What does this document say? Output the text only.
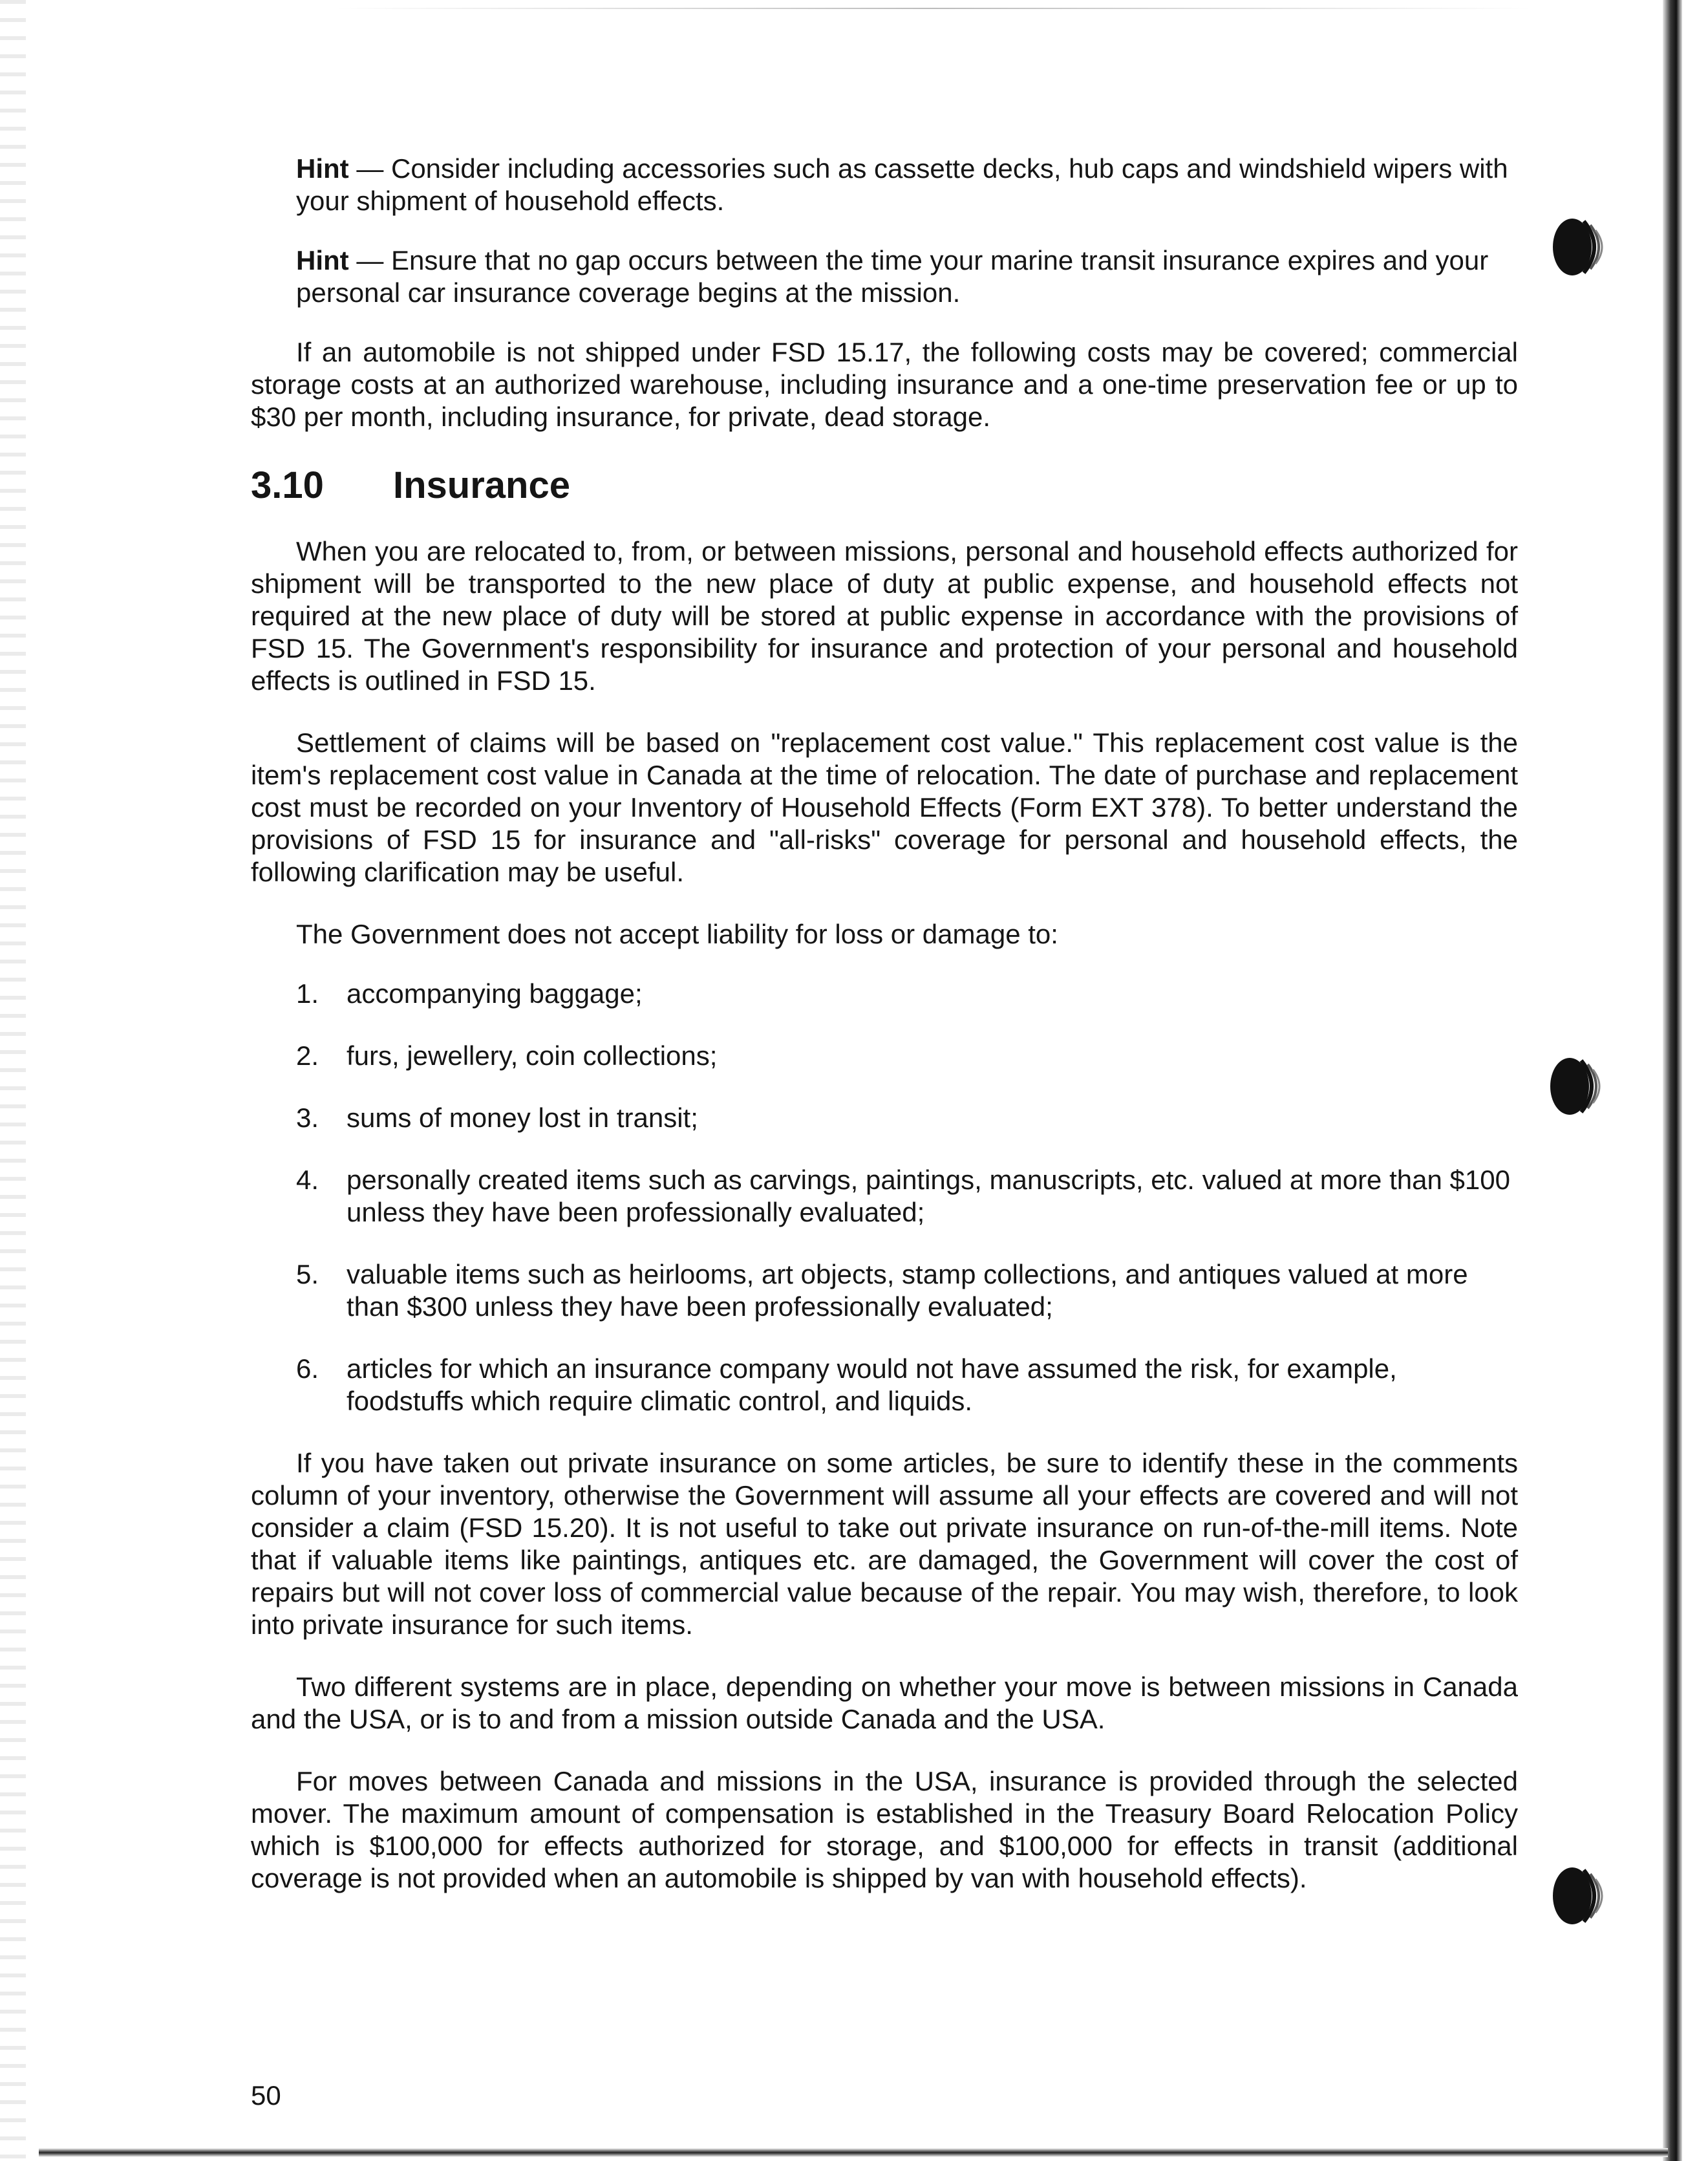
Hint — Consider including accessories such as cassette decks, hub caps and windshield wipers with your shipment of household effects.
Hint — Ensure that no gap occurs between the time your marine transit insurance expires and your personal car insurance coverage begins at the mission.

If an automobile is not shipped under FSD 15.17, the following costs may be covered; commercial storage costs at an authorized warehouse, including insurance and a one-time preservation fee or up to $30 per month, including insurance, for private, dead storage.

3.10	Insurance

When you are relocated to, from, or between missions, personal and household effects authorized for shipment will be transported to the new place of duty at public expense, and household effects not required at the new place of duty will be stored at public expense in accordance with the provisions of FSD 15. The Government's responsibility for insurance and protection of your personal and household effects is outlined in FSD 15.

Settlement of claims will be based on "replacement cost value." This replacement cost value is the item's replacement cost value in Canada at the time of relocation. The date of purchase and replacement cost must be recorded on your Inventory of Household Effects (Form EXT 378). To better understand the provisions of FSD 15 for insurance and "all-risks" coverage for personal and household effects, the following clarification may be useful.

The Government does not accept liability for loss or damage to:
1.	accompanying baggage;
2.	furs, jewellery, coin collections;
3.	sums of money lost in transit;
4.	personally created items such as carvings, paintings, manuscripts, etc. valued at more than $100 unless they have been professionally evaluated;
5.	valuable items such as heirlooms, art objects, stamp collections, and antiques valued at more than $300 unless they have been professionally evaluated;
6.	articles for which an insurance company would not have assumed the risk, for example, foodstuffs which require climatic control, and liquids.

If you have taken out private insurance on some articles, be sure to identify these in the comments column of your inventory, otherwise the Government will assume all your effects are covered and will not consider a claim (FSD 15.20). It is not useful to take out private insurance on run-of-the-mill items. Note that if valuable items like paintings, antiques etc. are damaged, the Government will cover the cost of repairs but will not cover loss of commercial value because of the repair. You may wish, therefore, to look into private insurance for such items.

Two different systems are in place, depending on whether your move is between missions in Canada and the USA, or is to and from a mission outside Canada and the USA.

For moves between Canada and missions in the USA, insurance is provided through the selected mover. The maximum amount of compensation is established in the Treasury Board Relocation Policy which is $100,000 for effects authorized for storage, and $100,000 for effects in transit (additional coverage is not provided when an automobile is shipped by van with household effects).

50
